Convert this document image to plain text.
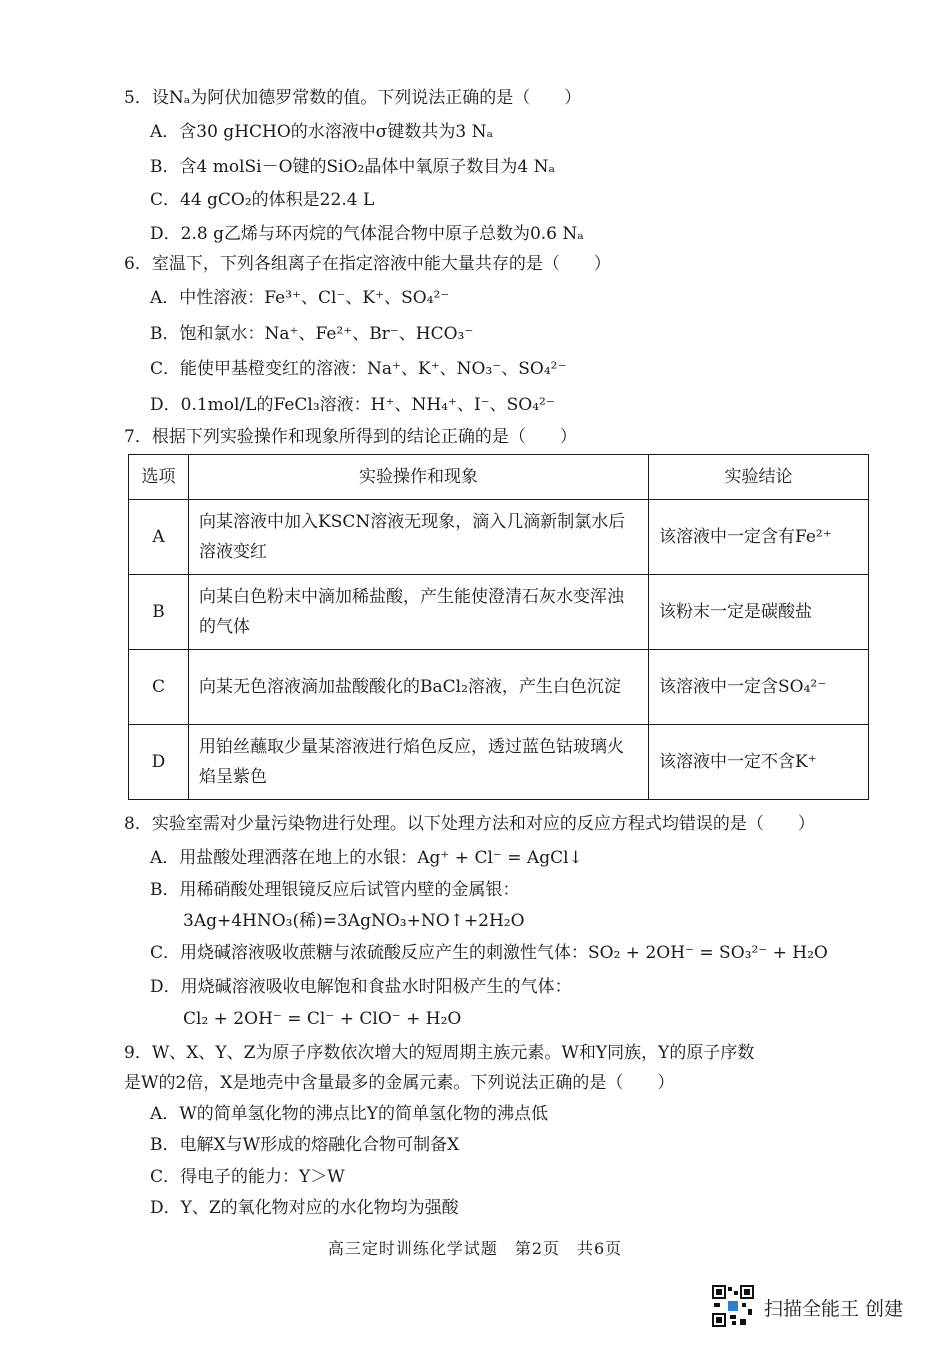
5．设Nₐ为阿伏加德罗常数的值。下列说法正确的是（　　）
A．含30 gHCHO的水溶液中σ键数共为3 Nₐ
B．含4 molSi－O键的SiO₂晶体中氧原子数目为4 Nₐ
C．44 gCO₂的体积是22.4 L
D．2.8 g乙烯与环丙烷的气体混合物中原子总数为0.6 Nₐ
6．室温下，下列各组离子在指定溶液中能大量共存的是（　　）
A．中性溶液：Fe³⁺、Cl⁻、K⁺、SO₄²⁻
B．饱和氯水：Na⁺、Fe²⁺、Br⁻、HCO₃⁻
C．能使甲基橙变红的溶液：Na⁺、K⁺、NO₃⁻、SO₄²⁻
D．0.1mol/L的FeCl₃溶液：H⁺、NH₄⁺、I⁻、SO₄²⁻
7．根据下列实验操作和现象所得到的结论正确的是（　　）
选项	实验操作和现象	实验结论
A	向某溶液中加入KSCN溶液无现象，滴入几滴新制氯水后溶液变红	该溶液中一定含有Fe²⁺
B	向某白色粉末中滴加稀盐酸，产生能使澄清石灰水变浑浊的气体	该粉末一定是碳酸盐
C	向某无色溶液滴加盐酸酸化的BaCl₂溶液，产生白色沉淀	该溶液中一定含SO₄²⁻
D	用铂丝蘸取少量某溶液进行焰色反应，透过蓝色钴玻璃火焰呈紫色	该溶液中一定不含K⁺
8．实验室需对少量污染物进行处理。以下处理方法和对应的反应方程式均错误的是（　　）
A．用盐酸处理洒落在地上的水银：Ag⁺ + Cl⁻ = AgCl↓
B．用稀硝酸处理银镜反应后试管内壁的金属银：
3Ag+4HNO₃(稀)=3AgNO₃+NO↑+2H₂O
C．用烧碱溶液吸收蔗糖与浓硫酸反应产生的刺激性气体：SO₂ + 2OH⁻ = SO₃²⁻ + H₂O
D．用烧碱溶液吸收电解饱和食盐水时阳极产生的气体：
Cl₂ + 2OH⁻ = Cl⁻ + ClO⁻ + H₂O
9．W、X、Y、Z为原子序数依次增大的短周期主族元素。W和Y同族，Y的原子序数
是W的2倍，X是地壳中含量最多的金属元素。下列说法正确的是（　　）
A．W的简单氢化物的沸点比Y的简单氢化物的沸点低
B．电解X与W形成的熔融化合物可制备X
C．得电子的能力：Y＞W
D．Y、Z的氧化物对应的水化物均为强酸
高三定时训练化学试题　第2页　共6页
扫描全能王 创建
